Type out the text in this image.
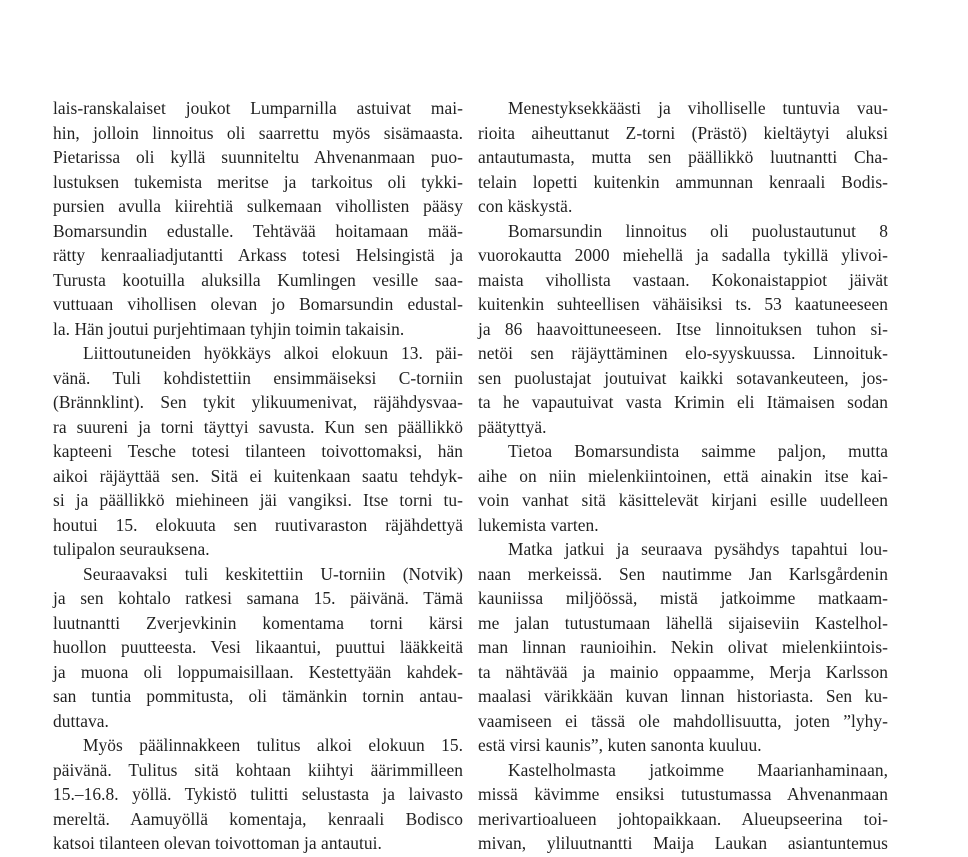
lais-ranskalaiset joukot Lumparnilla astuivat mai-
hin, jolloin linnoitus oli saarrettu myös sisämaasta.
Pietarissa oli kyllä suunniteltu Ahvenanmaan puo-
lustuksen tukemista meritse ja tarkoitus oli tykki-
pursien avulla kiirehtiä sulkemaan vihollisten pääsy
Bomarsundin edustalle. Tehtävää hoitamaan mää-
rätty kenraaliadjutantti Arkass totesi Helsingistä ja
Turusta kootuilla aluksilla Kumlingen vesille saa-
vuttuaan vihollisen olevan jo Bomarsundin edustal-
la. Hän joutui purjehtimaan tyhjin toimin takaisin.
Liittoutuneiden hyökkäys alkoi elokuun 13. päi-
vänä. Tuli kohdistettiin ensimmäiseksi C-torniin
(Brännklint). Sen tykit ylikuumenivat, räjähdysvaa-
ra suureni ja torni täyttyi savusta. Kun sen päällikkö
kapteeni Tesche totesi tilanteen toivottomaksi, hän
aikoi räjäyttää sen. Sitä ei kuitenkaan saatu tehdyk-
si ja päällikkö miehineen jäi vangiksi. Itse torni tu-
houtui 15. elokuuta sen ruutivaraston räjähdettyä
tulipalon seurauksena.
Seuraavaksi tuli keskitettiin U-torniin (Notvik)
ja sen kohtalo ratkesi samana 15. päivänä. Tämä
luutnantti Zverjevkinin komentama torni kärsi
huollon puutteesta. Vesi likaantui, puuttui lääkkeitä
ja muona oli loppumaisillaan. Kestettyään kahdek-
san tuntia pommitusta, oli tämänkin tornin antau-
duttava.
Myös päälinnakkeen tulitus alkoi elokuun 15.
päivänä. Tulitus sitä kohtaan kiihtyi äärimmilleen
15.–16.8. yöllä. Tykistö tulitti selustasta ja laivasto
mereltä. Aamuyöllä komentaja, kenraali Bodisco
katsoi tilanteen olevan toivottoman ja antautui.
Menestyksekkäästi ja viholliselle tuntuvia vau-
rioita aiheuttanut Z-torni (Prästö) kieltäytyi aluksi
antautumasta, mutta sen päällikkö luutnantti Cha-
telain lopetti kuitenkin ammunnan kenraali Bodis-
con käskystä.
Bomarsundin linnoitus oli puolustautunut 8
vuorokautta 2000 miehellä ja sadalla tykillä ylivoi-
maista vihollista vastaan. Kokonaistappiot jäivät
kuitenkin suhteellisen vähäisiksi ts. 53 kaatuneeseen
ja 86 haavoittuneeseen. Itse linnoituksen tuhon si-
netöi sen räjäyttäminen elo-syyskuussa. Linnoituk-
sen puolustajat joutuivat kaikki sotavankeuteen, jos-
ta he vapautuivat vasta Krimin eli Itämaisen sodan
päätyttyä.
Tietoa Bomarsundista saimme paljon, mutta
aihe on niin mielenkiintoinen, että ainakin itse kai-
voin vanhat sitä käsittelevät kirjani esille uudelleen
lukemista varten.
Matka jatkui ja seuraava pysähdys tapahtui lou-
naan merkeissä. Sen nautimme Jan Karlsgårdenin
kauniissa miljöössä, mistä jatkoimme matkaam-
me jalan tutustumaan lähellä sijaiseviin Kastelhol-
man linnan raunioihin. Nekin olivat mielenkiintois-
ta nähtävää ja mainio oppaamme, Merja Karlsson
maalasi värikkään kuvan linnan historiasta. Sen ku-
vaamiseen ei tässä ole mahdollisuutta, joten ”lyhy-
estä virsi kaunis”, kuten sanonta kuuluu.
Kastelholmasta jatkoimme Maarianhaminaan,
missä kävimme ensiksi tutustumassa Ahvenanmaan
merivartioalueen johtopaikkaan. Alueupseerina toi-
mivan, yliluutnantti Maija Laukan asiantuntemus
